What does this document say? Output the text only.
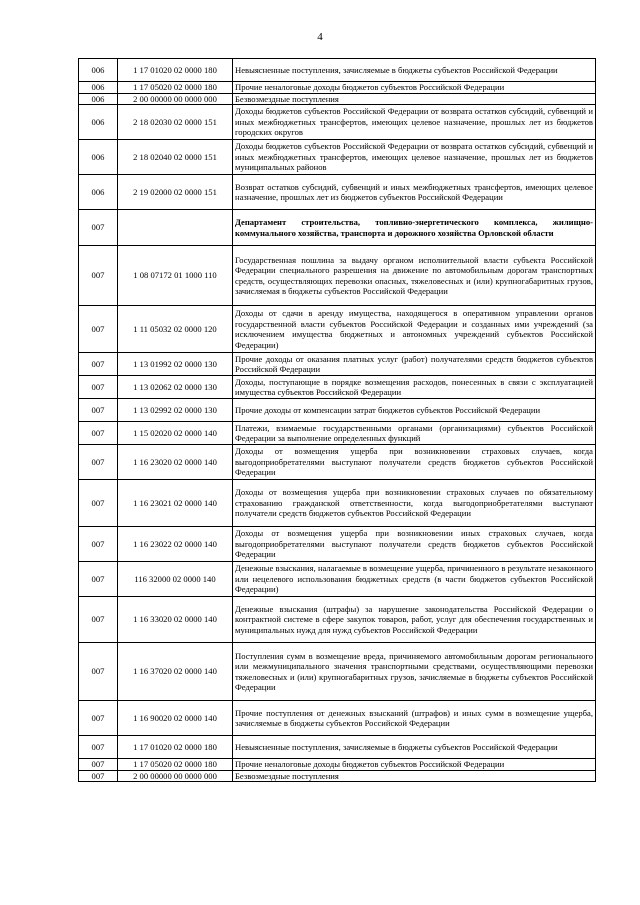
4
006	1 17 01020 02 0000 180	Невыясненные поступления, зачисляемые в бюджеты субъектов Российской Федерации
006	1 17 05020 02 0000 180	Прочие неналоговые доходы бюджетов субъектов Российской Федерации
006	2 00 00000 00 0000 000	Безвозмездные поступления
006	2 18 02030 02 0000 151	Доходы бюджетов субъектов Российской Федерации от возврата остатков субсидий, субвенций и иных межбюджетных трансфертов, имеющих целевое назначение, прошлых лет из бюджетов городских округов
006	2 18 02040 02 0000 151	Доходы бюджетов субъектов Российской Федерации от возврата остатков субсидий, субвенций и иных межбюджетных трансфертов, имеющих целевое назначение, прошлых лет из бюджетов муниципальных районов
006	2 19 02000 02 0000 151	Возврат остатков субсидий, субвенций и иных межбюджетных трансфертов, имеющих целевое назначение, прошлых лет из бюджетов субъектов Российской Федерации
007		Департамент строительства, топливно-энергетического комплекса, жилищно-коммунального хозяйства, транспорта и дорожного хозяйства Орловской области
007	1 08 07172 01 1000 110	Государственная пошлина за выдачу органом исполнительной власти субъекта Российской Федерации специального разрешения на движение по автомобильным дорогам транспортных средств, осуществляющих перевозки опасных, тяжеловесных и (или) крупногабаритных грузов, зачисляемая в бюджеты субъектов Российской Федерации
007	1 11 05032 02 0000 120	Доходы от сдачи в аренду имущества, находящегося в оперативном управлении органов государственной власти субъектов Российской Федерации и созданных ими учреждений (за исключением имущества бюджетных и автономных учреждений субъектов Российской Федерации)
007	1 13 01992 02 0000 130	Прочие доходы от оказания платных услуг (работ) получателями средств бюджетов субъектов Российской Федерации
007	1 13 02062 02 0000 130	Доходы, поступающие в порядке возмещения расходов, понесенных в связи с эксплуатацией имущества субъектов Российской Федерации
007	1 13 02992 02 0000 130	Прочие доходы от компенсации затрат бюджетов субъектов Российской Федерации
007	1 15 02020 02 0000 140	Платежи, взимаемые государственными органами (организациями) субъектов Российской Федерации за выполнение определенных функций
007	1 16 23020 02 0000 140	Доходы от возмещения ущерба при возникновении страховых случаев, когда выгодоприобретателями выступают получатели средств бюджетов субъектов Российской Федерации
007	1 16 23021 02 0000 140	Доходы от возмещения ущерба при возникновении страховых случаев по обязательному страхованию гражданской ответственности, когда выгодоприобретателями выступают получатели средств бюджетов субъектов Российской Федерации
007	1 16 23022 02 0000 140	Доходы от возмещения ущерба при возникновении иных страховых случаев, когда выгодоприобретателями выступают получатели средств бюджетов субъектов Российской Федерации
007	116 32000 02 0000 140	Денежные взыскания, налагаемые в возмещение ущерба, причиненного в результате незаконного или нецелевого использования бюджетных средств (в части бюджетов субъектов Российской Федерации)
007	1 16 33020 02 0000 140	Денежные взыскания (штрафы) за нарушение законодательства Российской Федерации о контрактной системе в сфере закупок товаров, работ, услуг для обеспечения государственных и муниципальных нужд для нужд субъектов Российской Федерации
007	1 16 37020 02 0000 140	Поступления сумм в возмещение вреда, причиняемого автомобильным дорогам регионального или межмуниципального значения транспортными средствами, осуществляющими перевозки тяжеловесных и (или) крупногабаритных грузов, зачисляемые в бюджеты субъектов Российской Федерации
007	1 16 90020 02 0000 140	Прочие поступления от денежных взысканий (штрафов) и иных сумм в возмещение ущерба, зачисляемые в бюджеты субъектов Российской Федерации
007	1 17 01020 02 0000 180	Невыясненные поступления, зачисляемые в бюджеты субъектов Российской Федерации
007	1 17 05020 02 0000 180	Прочие неналоговые доходы бюджетов субъектов Российской Федерации
007	2 00 00000 00 0000 000	Безвозмездные поступления
